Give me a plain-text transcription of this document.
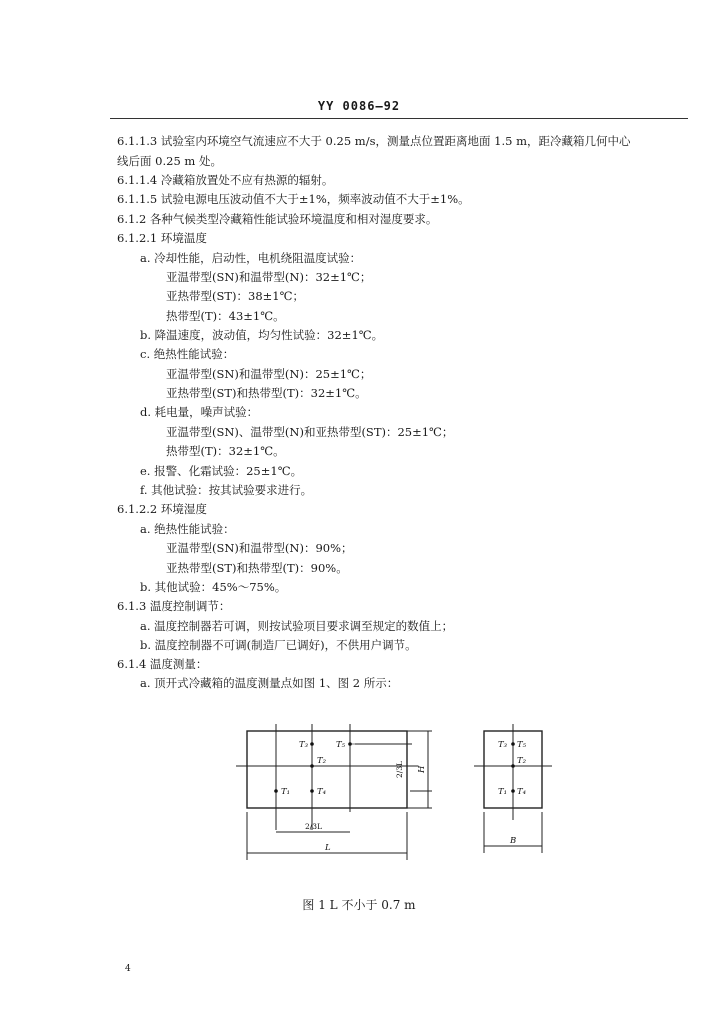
YY 0086—92
6.1.1.3 试验室内环境空气流速应不大于 0.25 m/s，测量点位置距离地面 1.5 m，距冷藏箱几何中心
线后面 0.25 m 处。
6.1.1.4 冷藏箱放置处不应有热源的辐射。
6.1.1.5 试验电源电压波动值不大于±1%，频率波动值不大于±1%。
6.1.2 各种气候类型冷藏箱性能试验环境温度和相对湿度要求。
6.1.2.1 环境温度
a. 冷却性能，启动性，电机绕阻温度试验：
亚温带型(SN)和温带型(N)：32±1℃；
亚热带型(ST)：38±1℃；
热带型(T)：43±1℃。
b. 降温速度，波动值，均匀性试验：32±1℃。
c. 绝热性能试验：
亚温带型(SN)和温带型(N)：25±1℃；
亚热带型(ST)和热带型(T)：32±1℃。
d. 耗电量，噪声试验：
亚温带型(SN)、温带型(N)和亚热带型(ST)：25±1℃；
热带型(T)：32±1℃。
e. 报警、化霜试验：25±1℃。
f. 其他试验：按其试验要求进行。
6.1.2.2 环境湿度
a. 绝热性能试验：
亚温带型(SN)和温带型(N)：90%；
亚热带型(ST)和热带型(T)：90%。
b. 其他试验：45%～75%。
6.1.3 温度控制调节：
a. 温度控制器若可调，则按试验项目要求调至规定的数值上；
b. 温度控制器不可调(制造厂已调好)，不供用户调节。
6.1.4 温度测量：
a. 顶开式冷藏箱的温度测量点如图 1、图 2 所示：
T₃	T₅
T₂
T₁	T₄
L
2/3L
2/3L H
T₃ T₅
T₂
T₁ T₄
B
图 1 L 不小于 0.7 m
4
